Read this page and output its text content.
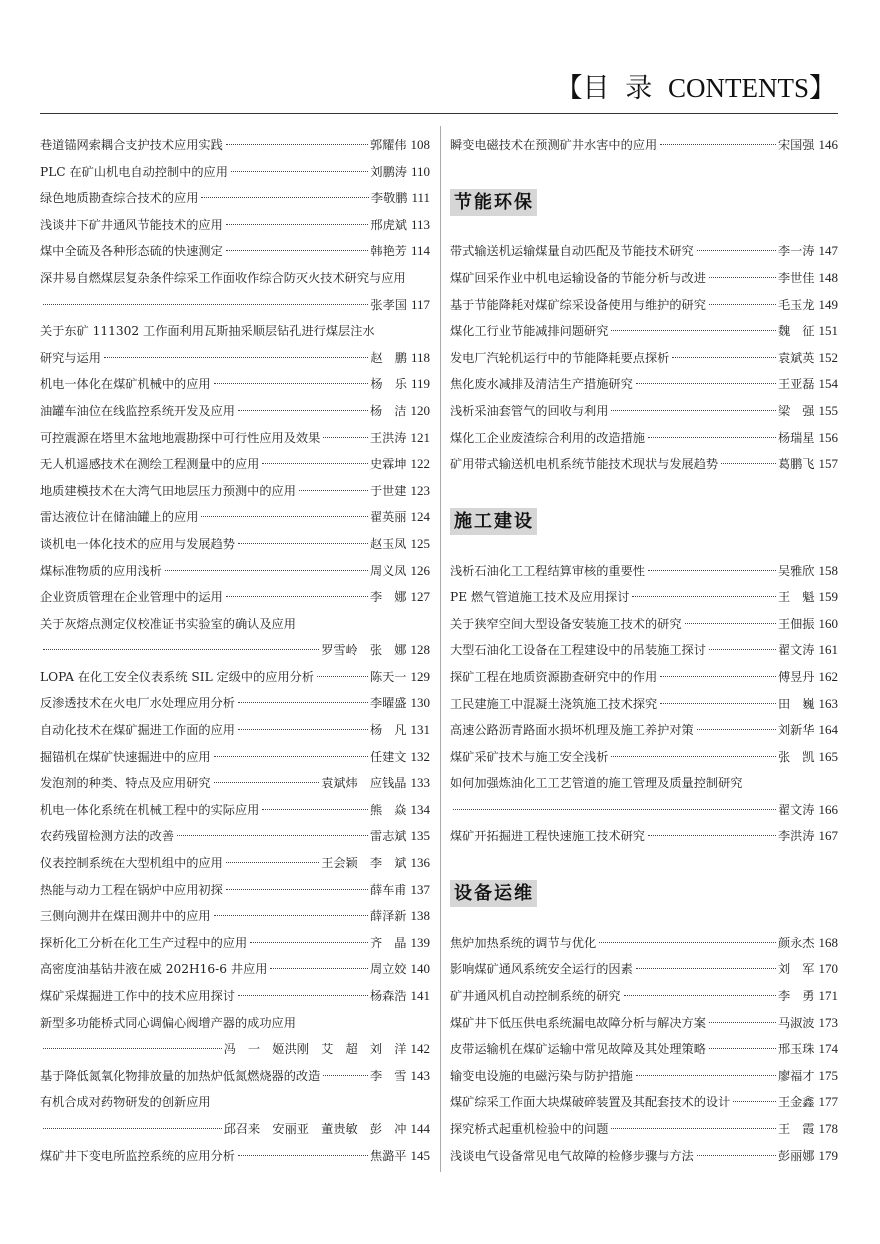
【目 录 CONTENTS】
巷道锚网索耦合支护技术应用实践	郭耀伟 108
PLC 在矿山机电自动控制中的应用	刘鹏涛 110
绿色地质勘查综合技术的应用	李敬鹏 111
浅谈井下矿井通风节能技术的应用	邢虎斌 113
煤中全硫及各种形态硫的快速测定	韩艳芳 114
深井易自燃煤层复杂条件综采工作面收作综合防灭火技术研究与应用
张孝国 117
关于东矿 111302 工作面利用瓦斯抽采顺层钻孔进行煤层注水
研究与运用	赵　鹏 118
机电一体化在煤矿机械中的应用	杨　乐 119
油罐车油位在线监控系统开发及应用	杨　洁 120
可控震源在塔里木盆地地震勘探中可行性应用及效果	王洪涛 121
无人机遥感技术在测绘工程测量中的应用	史霖坤 122
地质建模技术在大湾气田地层压力预测中的应用	于世建 123
雷达液位计在储油罐上的应用	翟英丽 124
谈机电一体化技术的应用与发展趋势	赵玉凤 125
煤标准物质的应用浅析	周义凤 126
企业资质管理在企业管理中的运用	李　娜 127
关于灰熔点测定仪校准证书实验室的确认及应用
罗雪岭　张　娜 128
LOPA 在化工安全仪表系统 SIL 定级中的应用分析	陈天一 129
反渗透技术在火电厂水处理应用分析	李曜盛 130
自动化技术在煤矿掘进工作面的应用	杨　凡 131
掘锚机在煤矿快速掘进中的应用	任建文 132
发泡剂的种类、特点及应用研究	袁斌炜　应钱晶 133
机电一体化系统在机械工程中的实际应用	熊　焱 134
农药残留检测方法的改善	雷志斌 135
仪表控制系统在大型机组中的应用	王会颖　李　斌 136
热能与动力工程在锅炉中应用初探	薛车甫 137
三侧向测井在煤田测井中的应用	薛泽新 138
探析化工分析在化工生产过程中的应用	齐　晶 139
高密度油基钻井液在威 202H16-6 井应用	周立姣 140
煤矿采煤掘进工作中的技术应用探讨	杨森浩 141
新型多功能桥式同心调偏心阀增产器的成功应用
冯　一　姬洪刚　艾　超　刘　洋 142
基于降低氮氧化物排放量的加热炉低氮燃烧器的改造	李　雪 143
有机合成对药物研发的创新应用
邱召来　安丽亚　董贵敏　彭　冲 144
煤矿井下变电所监控系统的应用分析	焦潞平 145
瞬变电磁技术在预测矿井水害中的应用	宋国强 146
节能环保
带式输送机运输煤量自动匹配及节能技术研究	李一涛 147
煤矿回采作业中机电运输设备的节能分析与改进	李世佳 148
基于节能降耗对煤矿综采设备使用与维护的研究	毛玉龙 149
煤化工行业节能减排问题研究	魏　征 151
发电厂汽轮机运行中的节能降耗要点探析	袁斌英 152
焦化废水减排及清洁生产措施研究	王亚磊 154
浅析采油套管气的回收与利用	梁　强 155
煤化工企业废渣综合利用的改造措施	杨瑞星 156
矿用带式输送机电机系统节能技术现状与发展趋势	葛鹏飞 157
施工建设
浅析石油化工工程结算审核的重要性	吴雅欣 158
PE 燃气管道施工技术及应用探讨	王　魁 159
关于狭窄空间大型设备安装施工技术的研究	王佃振 160
大型石油化工设备在工程建设中的吊装施工探讨	翟文涛 161
探矿工程在地质资源勘查研究中的作用	傅昱丹 162
工民建施工中混凝土浇筑施工技术探究	田　巍 163
高速公路沥青路面水损坏机理及施工养护对策	刘新华 164
煤矿采矿技术与施工安全浅析	张　凯 165
如何加强炼油化工工艺管道的施工管理及质量控制研究
翟文涛 166
煤矿开拓掘进工程快速施工技术研究	李洪涛 167
设备运维
焦炉加热系统的调节与优化	颜永杰 168
影响煤矿通风系统安全运行的因素	刘　军 170
矿井通风机自动控制系统的研究	李　勇 171
煤矿井下低压供电系统漏电故障分析与解决方案	马淑波 173
皮带运输机在煤矿运输中常见故障及其处理策略	邢玉珠 174
输变电设施的电磁污染与防护措施	廖福才 175
煤矿综采工作面大块煤破碎装置及其配套技术的设计	王金鑫 177
探究桥式起重机检验中的问题	王　霞 178
浅谈电气设备常见电气故障的检修步骤与方法	彭丽娜 179
